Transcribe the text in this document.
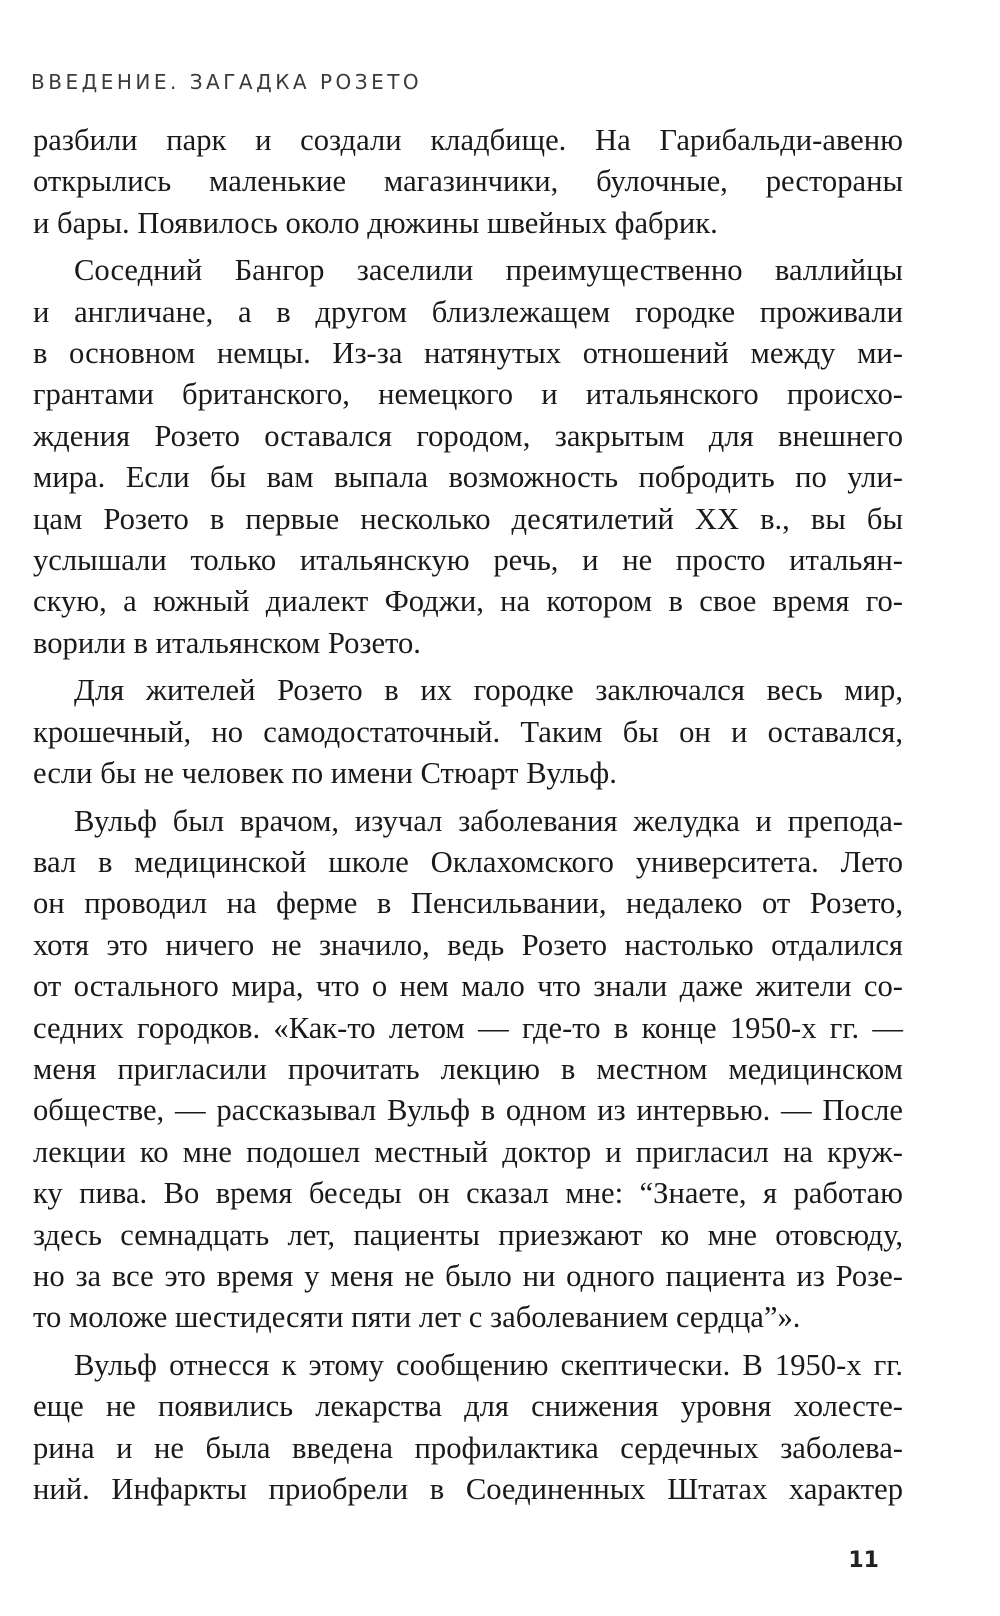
ВВЕДЕНИЕ. ЗАГАДКА РОЗЕТО
разбили парк и создали кладбище. На Гарибальди-авеню
открылись маленькие магазинчики, булочные, рестораны
и бары. Появилось около дюжины швейных фабрик.
Соседний Бангор заселили преимущественно валлийцы
и англичане, а в другом близлежащем городке проживали
в основном немцы. Из-за натянутых отношений между ми-
грантами британского, немецкого и итальянского происхо-
ждения Розето оставался городом, закрытым для внешнего
мира. Если бы вам выпала возможность побродить по ули-
цам Розето в первые несколько десятилетий XX в., вы бы
услышали только итальянскую речь, и не просто итальян-
скую, а южный диалект Фоджи, на котором в свое время го-
ворили в итальянском Розето.
Для жителей Розето в их городке заключался весь мир,
крошечный, но самодостаточный. Таким бы он и оставался,
если бы не человек по имени Стюарт Вульф.
Вульф был врачом, изучал заболевания желудка и препода-
вал в медицинской школе Оклахомского университета. Лето
он проводил на ферме в Пенсильвании, недалеко от Розето,
хотя это ничего не значило, ведь Розето настолько отдалился
от остального мира, что о нем мало что знали даже жители со-
седних городков. «Как-то летом — где-то в конце 1950-х гг. —
меня пригласили прочитать лекцию в местном медицинском
обществе, — рассказывал Вульф в одном из интервью. — После
лекции ко мне подошел местный доктор и пригласил на круж-
ку пива. Во время беседы он сказал мне: “Знаете, я работаю
здесь семнадцать лет, пациенты приезжают ко мне отовсюду,
но за все это время у меня не было ни одного пациента из Розе-
то моложе шестидесяти пяти лет с заболеванием сердца”».
Вульф отнесся к этому сообщению скептически. В 1950-х гг.
еще не появились лекарства для снижения уровня холесте-
рина и не была введена профилактика сердечных заболева-
ний. Инфаркты приобрели в Соединенных Штатах характер
11
